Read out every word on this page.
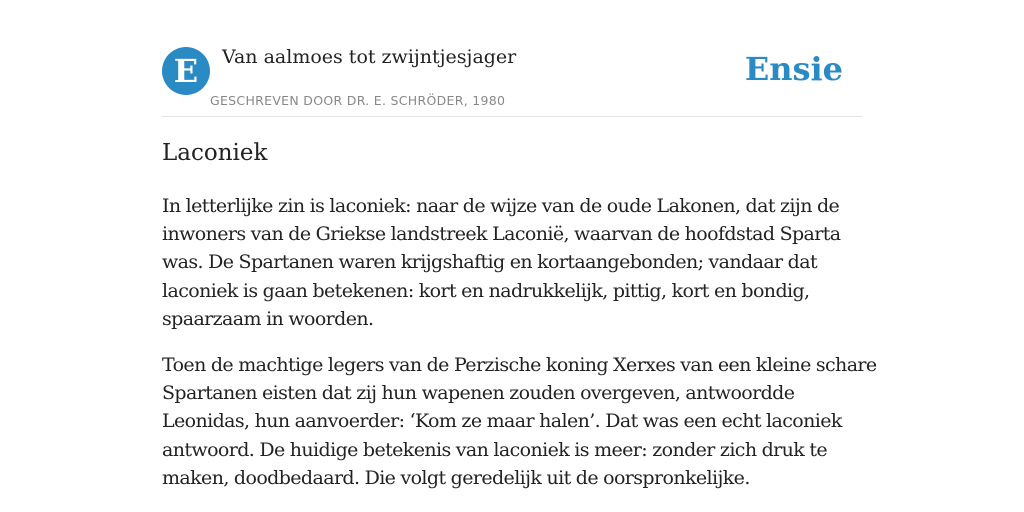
E	Van aalmoes tot zwijntjesjager
GESCHREVEN DOOR DR. E. SCHRÖDER, 1980
Ensie
Laconiek

In letterlijke zin is laconiek: naar de wijze van de oude Lakonen, dat zijn de inwoners van de Griekse landstreek Laconië, waarvan de hoofdstad Sparta was. De Spartanen waren krijgshaftig en kortaangebonden; vandaar dat laconiek is gaan betekenen: kort en nadrukkelijk, pittig, kort en bondig, spaarzaam in woorden.

Toen de machtige legers van de Perzische koning Xerxes van een kleine schare Spartanen eisten dat zij hun wapenen zouden overgeven, antwoordde Leonidas, hun aanvoerder: ‘Kom ze maar halen’. Dat was een echt laconiek antwoord. De huidige betekenis van laconiek is meer: zonder zich druk te maken, doodbedaard. Die volgt geredelijk uit de oorspronkelijke.
